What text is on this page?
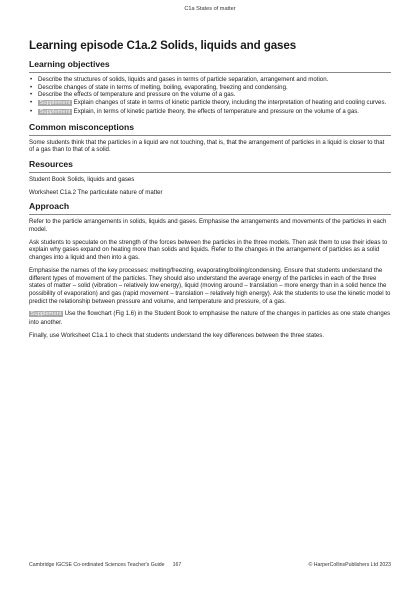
C1a States of matter
Learning episode C1a.2 Solids, liquids and gases
Learning objectives
• Describe the structures of solids, liquids and gases in terms of particle separation, arrangement and motion.
• Describe changes of state in terms of melting, boiling, evaporating, freezing and condensing.
• Describe the effects of temperature and pressure on the volume of a gas.
• Supplement Explain changes of state in terms of kinetic particle theory, including the interpretation of heating and cooling curves.
• Supplement Explain, in terms of kinetic particle theory, the effects of temperature and pressure on the volume of a gas.
Common misconceptions

Some students think that the particles in a liquid are not touching, that is, that the arrangement of particles in a liquid is closer to that of a gas than to that of a solid.

Resources

Student Book Solids, liquids and gases

Worksheet C1a.2 The particulate nature of matter

Approach

Refer to the particle arrangements in solids, liquids and gases. Emphasise the arrangements and movements of the particles in each model.

Ask students to speculate on the strength of the forces between the particles in the three models. Then ask them to use their ideas to explain why gases expand on heating more than solids and liquids. Refer to the changes in the arrangement of particles as a solid changes into a liquid and then into a gas.

Emphasise the names of the key processes: melting/freezing, evaporating/boiling/condensing. Ensure that students understand the different types of movement of the particles. They should also understand the average energy of the particles in each of the three states of matter – solid (vibration – relatively low energy), liquid (moving around – translation – more energy than in a solid hence the possibility of evaporation) and gas (rapid movement – translation – relatively high energy). Ask the students to use the kinetic model to predict the relationship between pressure and volume, and temperature and pressure, of a gas.

Supplement Use the flowchart (Fig 1.6) in the Student Book to emphasise the nature of the changes in particles as one state changes into another.

Finally, use Worksheet C1a.1 to check that students understand the key differences between the three states.

Cambridge IGCSE Co-ordinated Sciences Teacher's Guide 167	© HarperCollinsPublishers Ltd 2023
